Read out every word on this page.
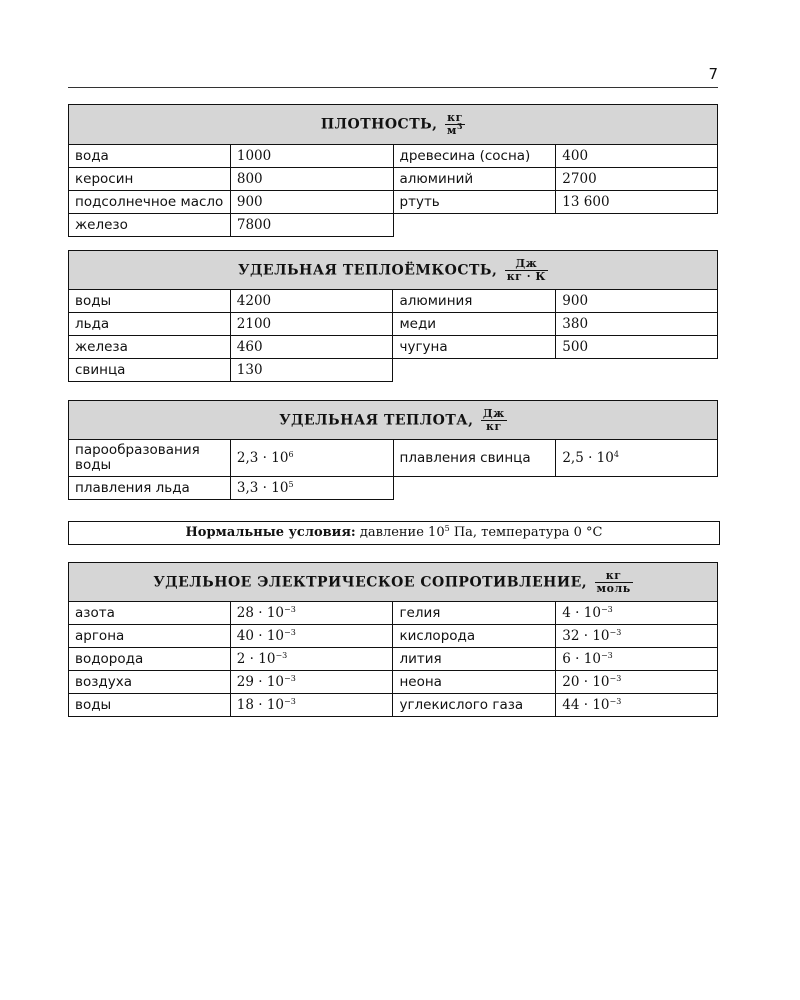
7
ПЛОТНОСТЬ, $\frac{кг}{м^3}$

вода	1000	древесина (сосна)	400
керосин	800	алюминий	2700
подсолнечное масло	900	ртуть	13 600
железо	7800		
УДЕЛЬНАЯ ТЕПЛОЁМКОСТЬ, $\frac{Дж}{кг \cdot К}$

воды	4200	алюминия	900
льда	2100	меди	380
железа	460	чугуна	500
свинца	130		
УДЕЛЬНАЯ ТЕПЛОТА, $\frac{Дж}{кг}$

парообразования воды	$2,3 \cdot 10^6$	плавления свинца	$2,5 \cdot 10^4$
плавления льда	$3,3 \cdot 10^5$		
Нормальные условия: давление $10^5$ Па, температура 0 °С
УДЕЛЬНОЕ ЭЛЕКТРИЧЕСКОЕ СОПРОТИВЛЕНИЕ, $\frac{кг}{\text{моль}}$

азота	$28 \cdot 10^{-3}$	гелия	$4 \cdot 10^{-3}$
аргона	$40 \cdot 10^{-3}$	кислорода	$32 \cdot 10^{-3}$
водорода	$2 \cdot 10^{-3}$	лития	$6 \cdot 10^{-3}$
воздуха	$29 \cdot 10^{-3}$	неона	$20 \cdot 10^{-3}$
воды	$18 \cdot 10^{-3}$	углекислого газа	$44 \cdot 10^{-3}$
